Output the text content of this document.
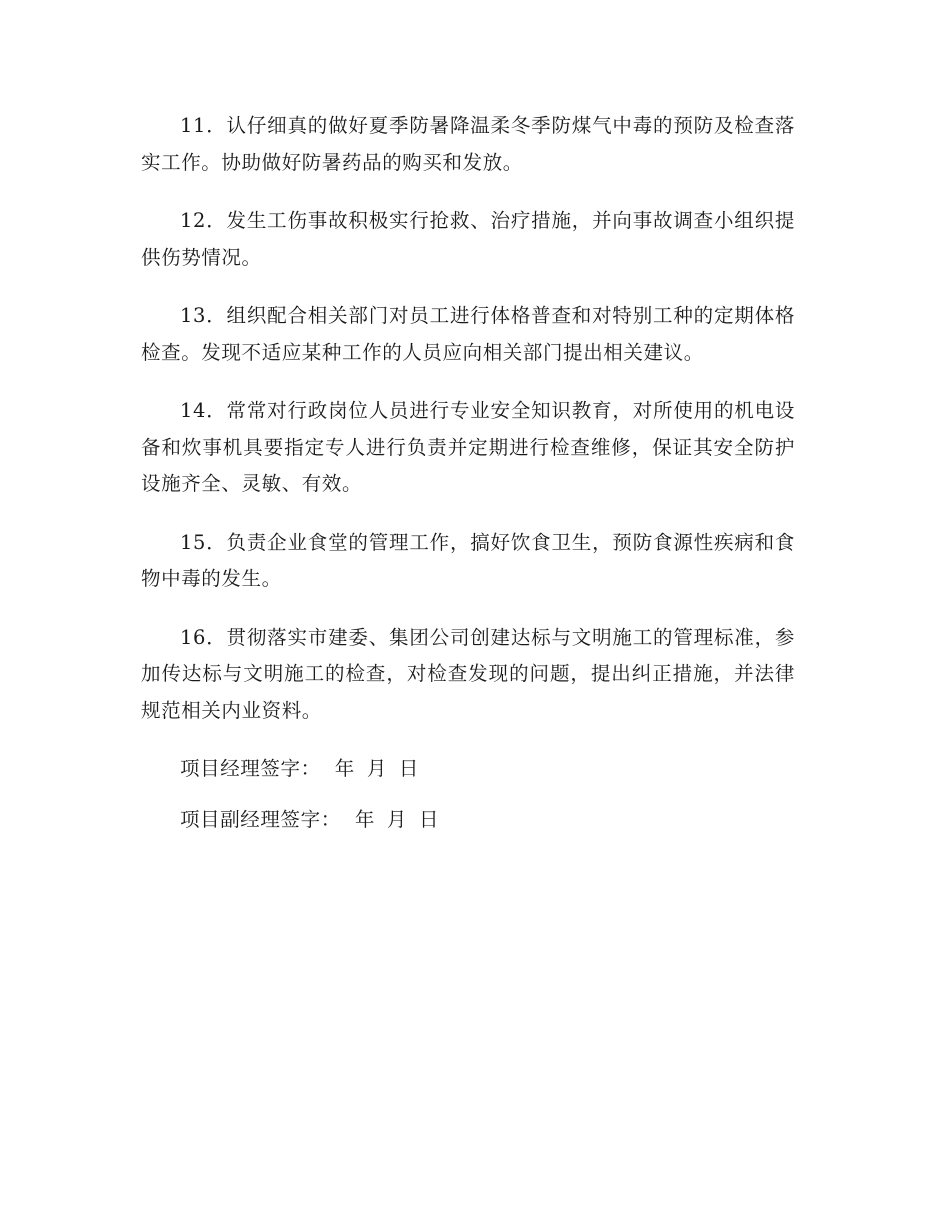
11．认仔细真的做好夏季防暑降温柔冬季防煤气中毒的预防及检查落实工作。协助做好防暑药品的购买和发放。

12．发生工伤事故积极实行抢救、治疗措施，并向事故调查小组织提供伤势情况。

13．组织配合相关部门对员工进行体格普查和对特别工种的定期体格检查。发现不适应某种工作的人员应向相关部门提出相关建议。

14．常常对行政岗位人员进行专业安全知识教育，对所使用的机电设备和炊事机具要指定专人进行负责并定期进行检查维修，保证其安全防护设施齐全、灵敏、有效。

15．负责企业食堂的管理工作，搞好饮食卫生，预防食源性疾病和食物中毒的发生。

16．贯彻落实市建委、集团公司创建达标与文明施工的管理标准，参加传达标与文明施工的检查，对检查发现的问题，提出纠正措施，并法律规范相关内业资料。

项目经理签字： 年 月 日

项目副经理签字： 年 月 日
